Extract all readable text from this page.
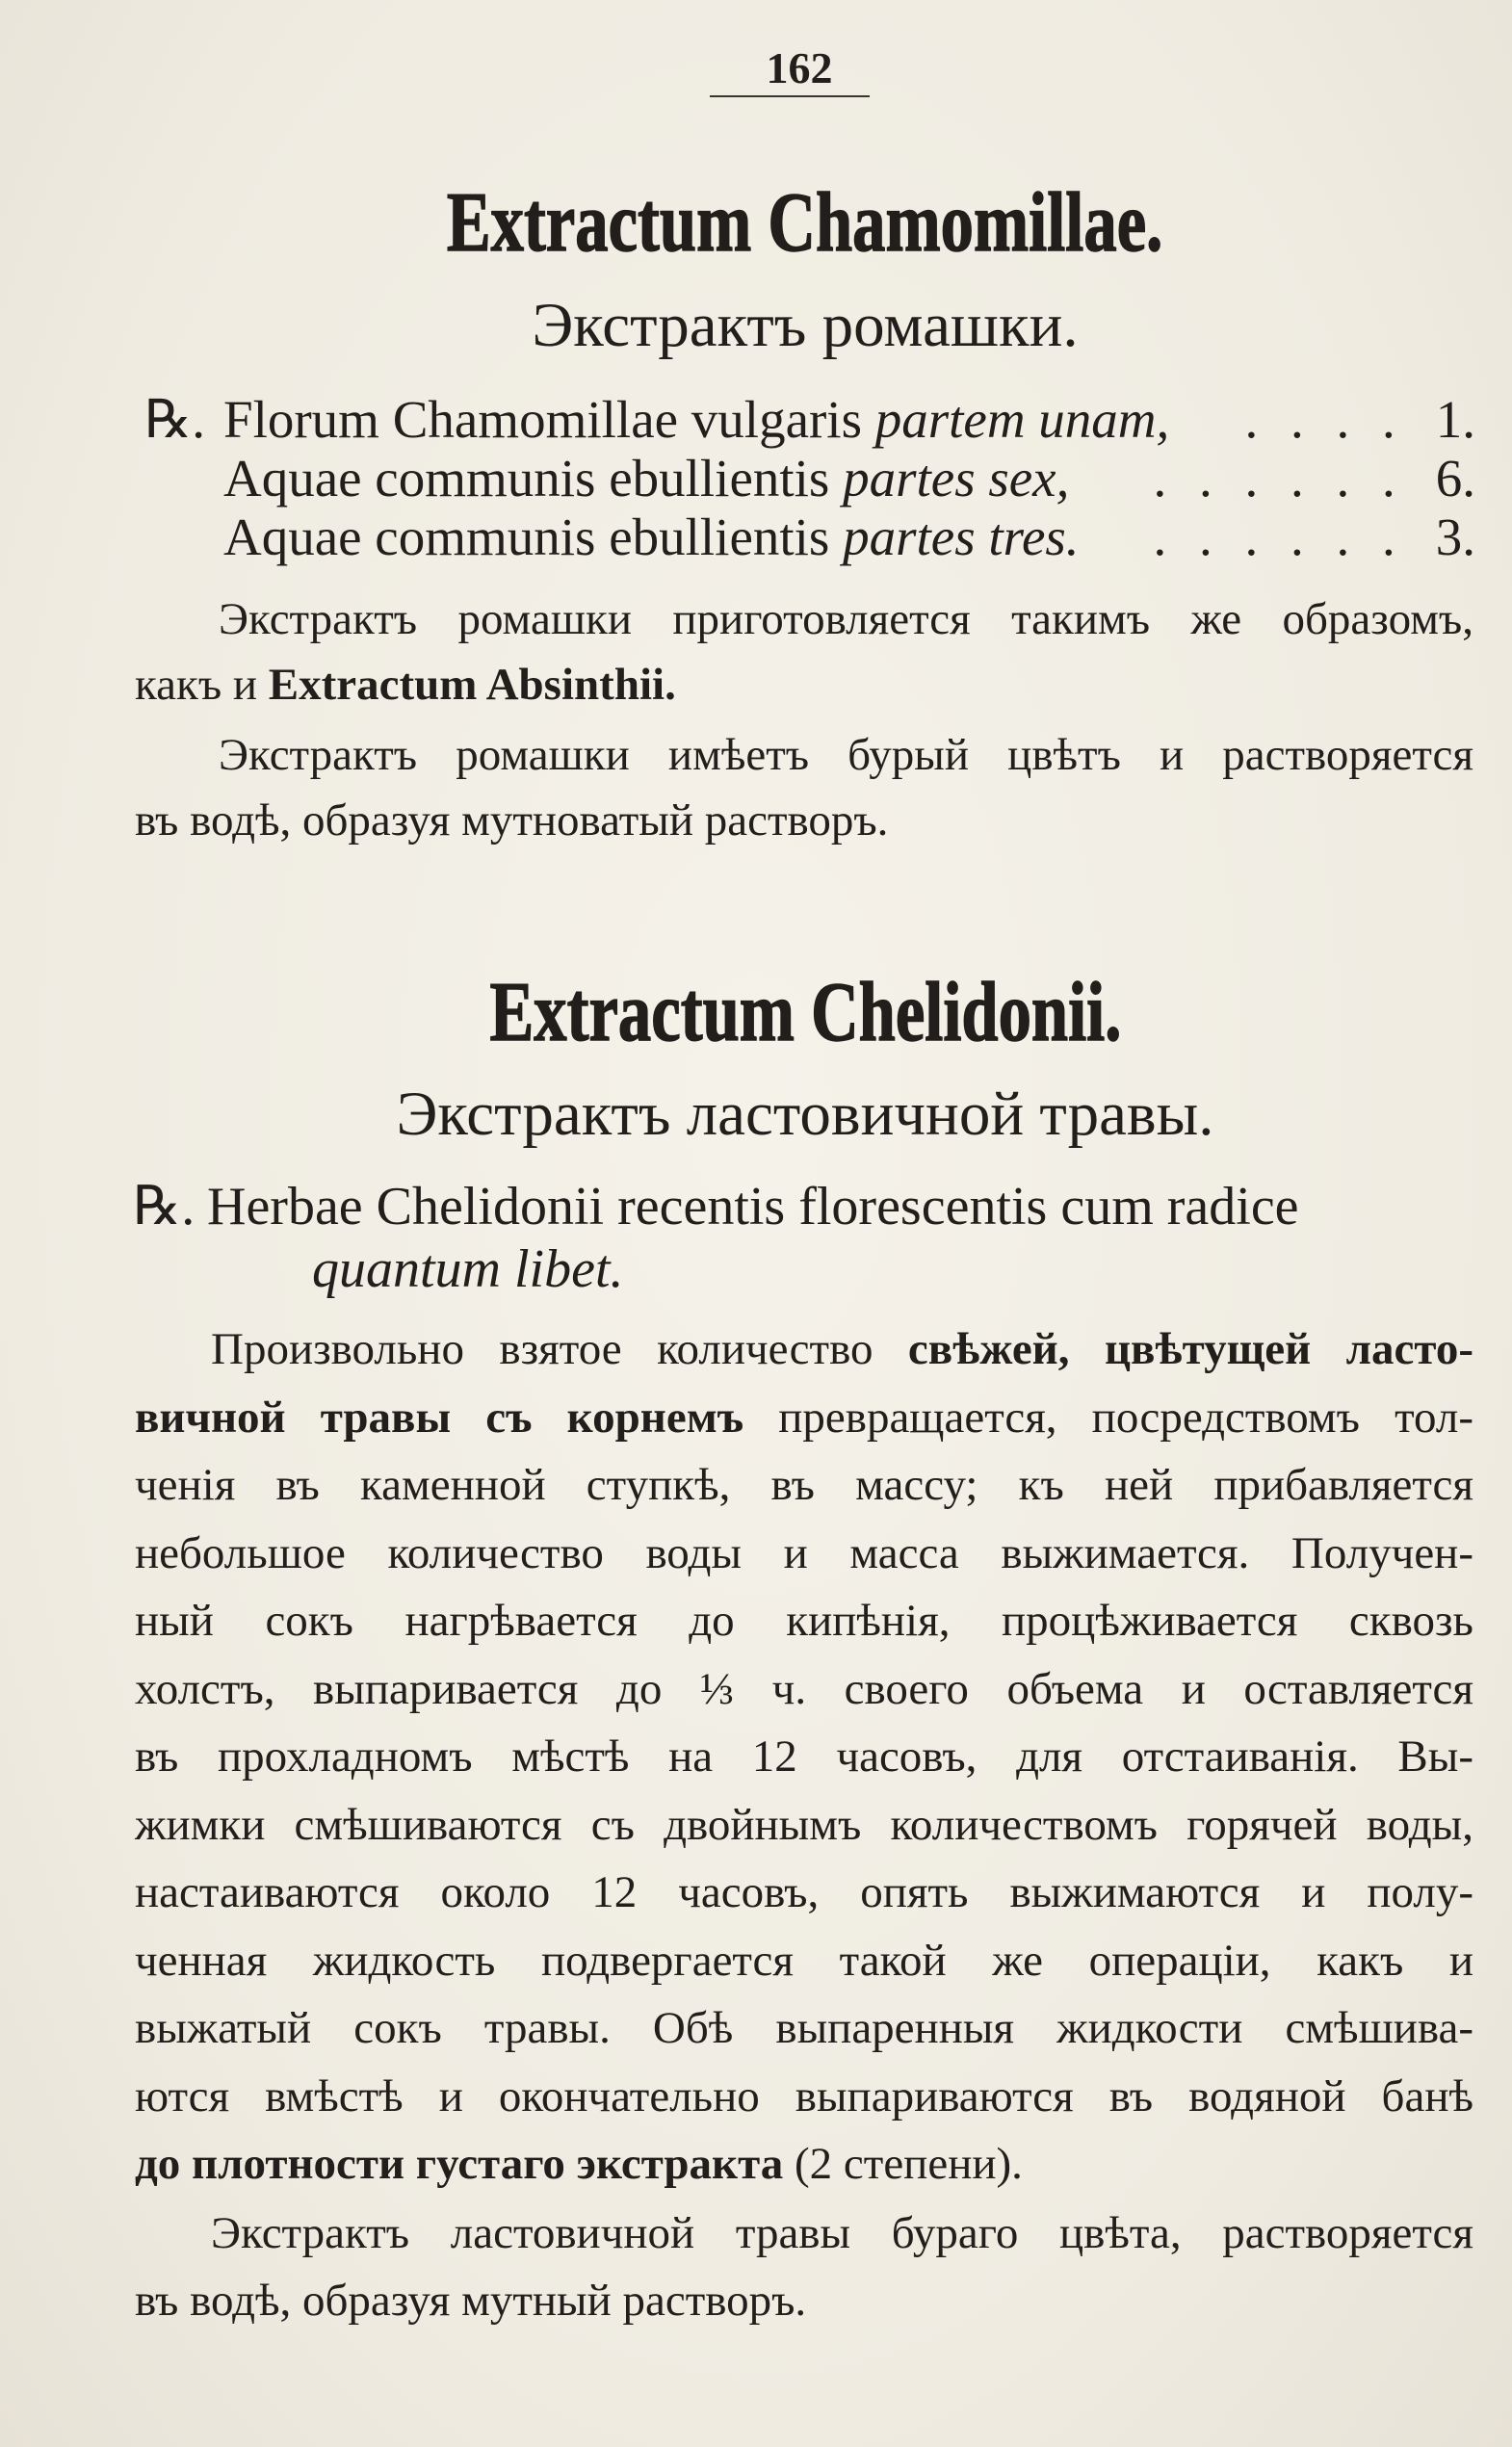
162
Extractum Chamomillae.
Экстрактъ ромашки.
℞. Florum Chamomillae vulgaris partem unam,	. . . . 1.
Aquae communis ebullientis partes sex,	. . . . . . 6.
Aquae communis ebullientis partes tres.	. . . . . . 3.
Экстрактъ ромашки приготовляется такимъ же образомъ,
какъ и Extractum Absinthii.
Экстрактъ ромашки имѣетъ бурый цвѣтъ и растворяется
въ водѣ, образуя мутноватый растворъ.
Extractum Chelidonii.
Экстрактъ ластовичной травы.
℞. Herbae Chelidonii recentis florescentis cum radice
quantum libet.
Произвольно взятое количество свѣжей, цвѣтущей ласто-
вичной травы съ корнемъ превращается, посредствомъ тол-
ченія въ каменной ступкѣ, въ массу; къ ней прибавляется
небольшое количество воды и масса выжимается. Получен-
ный сокъ нагрѣвается до кипѣнія, процѣживается сквозь
холстъ, выпаривается до ⅓ ч. своего объема и оставляется
въ прохладномъ мѣстѣ на 12 часовъ, для отстаиванія. Вы-
жимки смѣшиваются съ двойнымъ количествомъ горячей воды,
настаиваются около 12 часовъ, опять выжимаются и полу-
ченная жидкость подвергается такой же операціи, какъ и
выжатый сокъ травы. Обѣ выпаренныя жидкости смѣшива-
ются вмѣстѣ и окончательно выпариваются въ водяной банѣ
до плотности густаго экстракта (2 степени).
Экстрактъ ластовичной травы бураго цвѣта, растворяется
въ водѣ, образуя мутный растворъ.
